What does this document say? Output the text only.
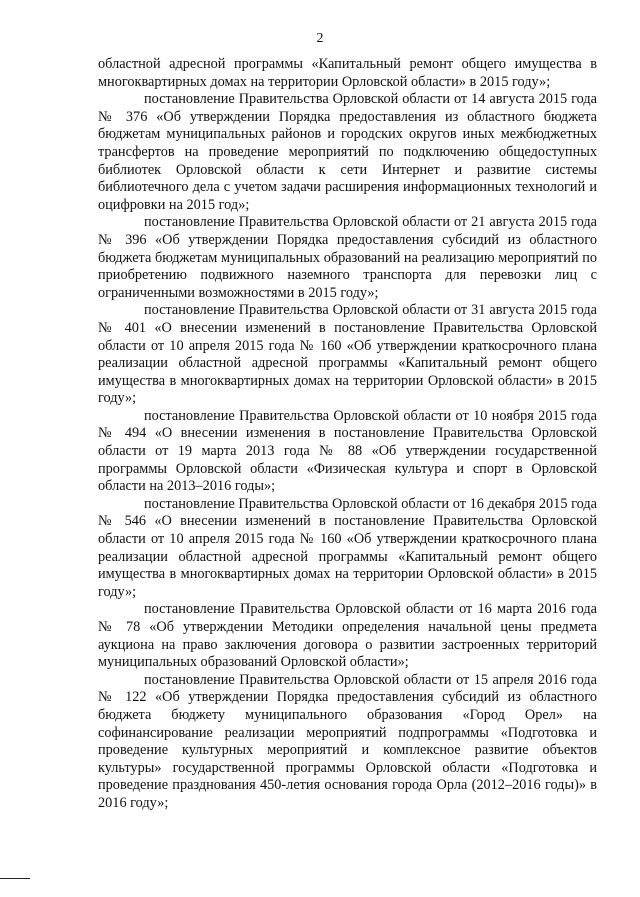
2

областной адресной программы «Капитальный ремонт общего имущества в многоквартирных домах на территории Орловской области» в 2015 году»;

постановление Правительства Орловской области от 14 августа 2015 года № 376 «Об утверждении Порядка предоставления из областного бюджета бюджетам муниципальных районов и городских округов иных межбюджетных трансфертов на проведение мероприятий по подключению общедоступных библиотек Орловской области к сети Интернет и развитие системы библиотечного дела с учетом задачи расширения информационных технологий и оцифровки на 2015 год»;

постановление Правительства Орловской области от 21 августа 2015 года № 396 «Об утверждении Порядка предоставления субсидий из областного бюджета бюджетам муниципальных образований на реализацию мероприятий по приобретению подвижного наземного транспорта для перевозки лиц с ограниченными возможностями в 2015 году»;

постановление Правительства Орловской области от 31 августа 2015 года № 401 «О внесении изменений в постановление Правительства Орловской области от 10 апреля 2015 года № 160 «Об утверждении краткосрочного плана реализации областной адресной программы «Капитальный ремонт общего имущества в многоквартирных домах на территории Орловской области» в 2015 году»;

постановление Правительства Орловской области от 10 ноября 2015 года № 494 «О внесении изменения в постановление Правительства Орловской области от 19 марта 2013 года № 88 «Об утверждении государственной программы Орловской области «Физическая культура и спорт в Орловской области на 2013–2016 годы»;

постановление Правительства Орловской области от 16 декабря 2015 года № 546 «О внесении изменений в постановление Правительства Орловской области от 10 апреля 2015 года № 160 «Об утверждении краткосрочного плана реализации областной адресной программы «Капитальный ремонт общего имущества в многоквартирных домах на территории Орловской области» в 2015 году»;

постановление Правительства Орловской области от 16 марта 2016 года № 78 «Об утверждении Методики определения начальной цены предмета аукциона на право заключения договора о развитии застроенных территорий муниципальных образований Орловской области»;

постановление Правительства Орловской области от 15 апреля 2016 года № 122 «Об утверждении Порядка предоставления субсидий из областного бюджета бюджету муниципального образования «Город Орел» на софинансирование реализации мероприятий подпрограммы «Подготовка и проведение культурных мероприятий и комплексное развитие объектов культуры» государственной программы Орловской области «Подготовка и проведение празднования 450-летия основания города Орла (2012–2016 годы)» в 2016 году»;
